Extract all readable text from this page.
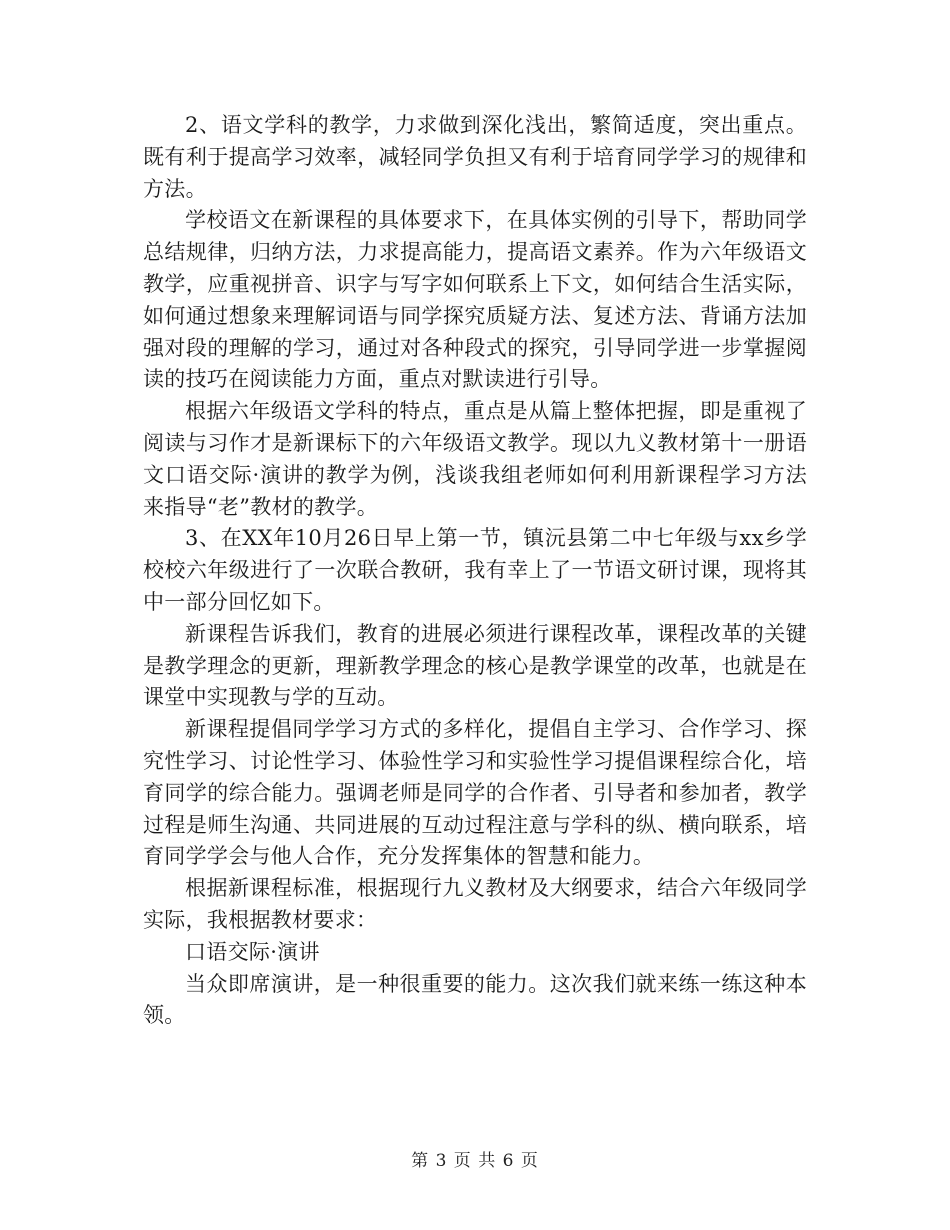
2、语文学科的教学，力求做到深化浅出，繁简适度，突出重点。既有利于提高学习效率，减轻同学负担又有利于培育同学学习的规律和方法。

学校语文在新课程的具体要求下，在具体实例的引导下，帮助同学总结规律，归纳方法，力求提高能力，提高语文素养。作为六年级语文教学，应重视拼音、识字与写字如何联系上下文，如何结合生活实际，如何通过想象来理解词语与同学探究质疑方法、复述方法、背诵方法加强对段的理解的学习，通过对各种段式的探究，引导同学进一步掌握阅读的技巧在阅读能力方面，重点对默读进行引导。

根据六年级语文学科的特点，重点是从篇上整体把握，即是重视了阅读与习作才是新课标下的六年级语文教学。现以九义教材第十一册语文口语交际·演讲的教学为例，浅谈我组老师如何利用新课程学习方法来指导“老”教材的教学。

3、在XX年10月26日早上第一节，镇沅县第二中七年级与xx乡学校校六年级进行了一次联合教研，我有幸上了一节语文研讨课，现将其中一部分回忆如下。

新课程告诉我们，教育的进展必须进行课程改革，课程改革的关键是教学理念的更新，理新教学理念的核心是教学课堂的改革，也就是在课堂中实现教与学的互动。

新课程提倡同学学习方式的多样化，提倡自主学习、合作学习、探究性学习、讨论性学习、体验性学习和实验性学习提倡课程综合化，培育同学的综合能力。强调老师是同学的合作者、引导者和参加者，教学过程是师生沟通、共同进展的互动过程注意与学科的纵、横向联系，培育同学学会与他人合作，充分发挥集体的智慧和能力。

根据新课程标准，根据现行九义教材及大纲要求，结合六年级同学实际，我根据教材要求：

口语交际·演讲

当众即席演讲，是一种很重要的能力。这次我们就来练一练这种本领。

第 3 页 共 6 页
